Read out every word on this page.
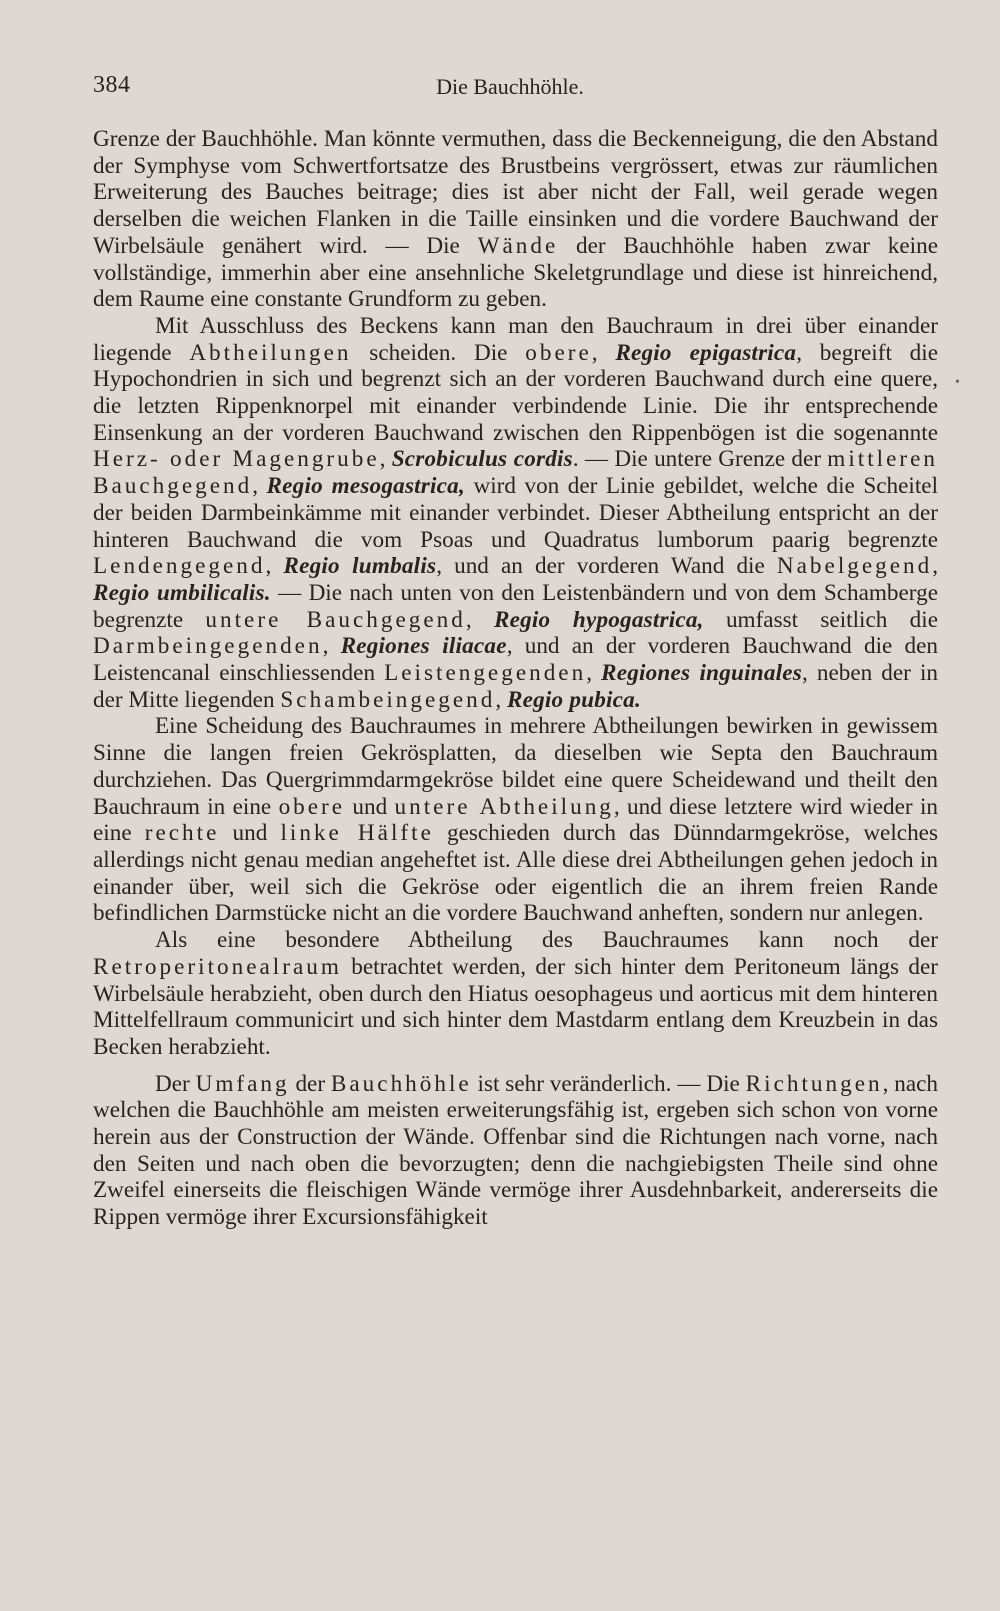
384	Die Bauchhöhle.
•

Grenze der Bauchhöhle. Man könnte vermuthen, dass die Beckenneigung, die den Abstand der Symphyse vom Schwertfortsatze des Brustbeins vergrössert, etwas zur räumlichen Erweiterung des Bauches beitrage; dies ist aber nicht der Fall, weil gerade wegen derselben die weichen Flanken in die Taille einsinken und die vordere Bauchwand der Wirbelsäule genähert wird. — Die Wände der Bauchhöhle haben zwar keine vollständige, immerhin aber eine ansehnliche Skeletgrundlage und diese ist hinreichend, dem Raume eine constante Grundform zu geben.

Mit Ausschluss des Beckens kann man den Bauchraum in drei über einander liegende Abtheilungen scheiden. Die obere, Regio epigastrica, begreift die Hypochondrien in sich und begrenzt sich an der vorderen Bauchwand durch eine quere, die letzten Rippenknorpel mit einander verbindende Linie. Die ihr entsprechende Einsenkung an der vorderen Bauchwand zwischen den Rippenbögen ist die sogenannte Herz- oder Magengrube, Scrobiculus cordis. — Die untere Grenze der mittleren Bauchgegend, Regio mesogastrica, wird von der Linie gebildet, welche die Scheitel der beiden Darmbeinkämme mit einander verbindet. Dieser Abtheilung entspricht an der hinteren Bauchwand die vom Psoas und Quadratus lumborum paarig begrenzte Lendengegend, Regio lumbalis, und an der vorderen Wand die Nabelgegend, Regio umbilicalis. — Die nach unten von den Leistenbändern und von dem Schamberge begrenzte untere Bauchgegend, Regio hypogastrica, umfasst seitlich die Darmbeingegenden, Regiones iliacae, und an der vorderen Bauchwand die den Leistencanal einschliessenden Leistengegenden, Regiones inguinales, neben der in der Mitte liegenden Schambeingegend, Regio pubica.

Eine Scheidung des Bauchraumes in mehrere Abtheilungen bewirken in gewissem Sinne die langen freien Gekrösplatten, da dieselben wie Septa den Bauchraum durchziehen. Das Quergrimmdarmgekröse bildet eine quere Scheidewand und theilt den Bauchraum in eine obere und untere Abtheilung, und diese letztere wird wieder in eine rechte und linke Hälfte geschieden durch das Dünndarmgekröse, welches allerdings nicht genau median angeheftet ist. Alle diese drei Abtheilungen gehen jedoch in einander über, weil sich die Gekröse oder eigentlich die an ihrem freien Rande befindlichen Darmstücke nicht an die vordere Bauchwand anheften, sondern nur anlegen.

Als eine besondere Abtheilung des Bauchraumes kann noch der Retroperitonealraum betrachtet werden, der sich hinter dem Peritoneum längs der Wirbelsäule herabzieht, oben durch den Hiatus oesophageus und aorticus mit dem hinteren Mittelfellraum communicirt und sich hinter dem Mastdarm entlang dem Kreuzbein in das Becken herabzieht.

Der Umfang der Bauchhöhle ist sehr veränderlich. — Die Richtungen, nach welchen die Bauchhöhle am meisten erweiterungsfähig ist, ergeben sich schon von vorne herein aus der Construction der Wände. Offenbar sind die Richtungen nach vorne, nach den Seiten und nach oben die bevorzugten; denn die nachgiebigsten Theile sind ohne Zweifel einerseits die fleischigen Wände vermöge ihrer Ausdehnbarkeit, andererseits die Rippen vermöge ihrer Excursionsfähigkeit
